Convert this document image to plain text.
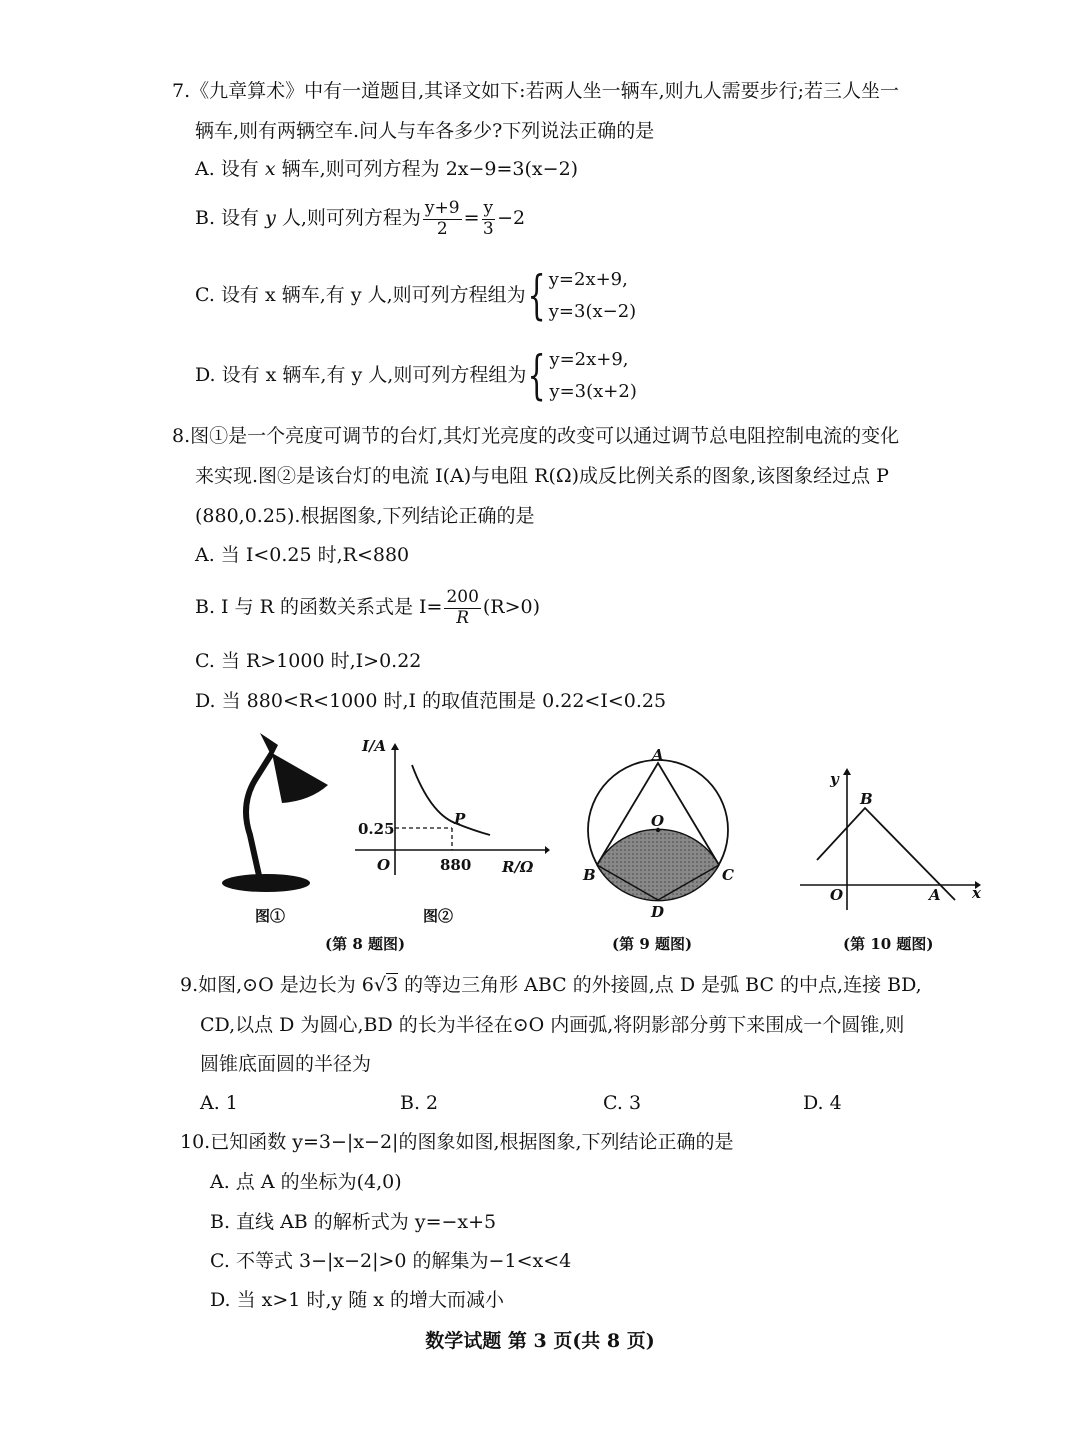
7.《九章算术》中有一道题目,其译文如下:若两人坐一辆车,则九人需要步行;若三人坐一
辆车,则有两辆空车.问人与车各多少?下列说法正确的是
A. 设有 x 辆车,则可列方程为 2x−9=3(x−2)
B. 设有 y 人,则可列方程为 $\frac{y+9}{2} = \frac{y}{3} -2$
C. 设有 x 辆车,有 y 人,则可列方程组为{ y=2x+9,
y=3(x−2)
D. 设有 x 辆车,有 y 人,则可列方程组为{ y=2x+9,
y=3(x+2)
8.图①是一个亮度可调节的台灯,其灯光亮度的改变可以通过调节总电阻控制电流的变化
来实现.图②是该台灯的电流 I(A)与电阻 R(Ω)成反比例关系的图象,该图象经过点 P
(880,0.25).根据图象,下列结论正确的是
A. 当 I<0.25 时,R<880
B. I 与 R 的函数关系式是 $I= \frac{200}{R} (R>0)$
C. 当 R>1000 时,I>0.22
D. 当 880<R<1000 时,I 的取值范围是 0.22<I<0.25
图①
I/A
R/Ω
0.25
880
O
P
图②
(第 8 题图)
A
B	C
D
O
(第 9 题图)
y
x
B
A
O
(第 10 题图)
9.如图,⊙O 是边长为 6√3 的等边三角形 ABC 的外接圆,点 D 是弧 BC 的中点,连接 BD,
CD,以点 D 为圆心,BD 的长为半径在⊙O 内画弧,将阴影部分剪下来围成一个圆锥,则
圆锥底面圆的半径为
A. 1	B. 2	C. 3	D. 4
10.已知函数 y=3−|x−2|的图象如图,根据图象,下列结论正确的是
A. 点 A 的坐标为(4,0)
B. 直线 AB 的解析式为 y=−x+5
C. 不等式 3−|x−2|>0 的解集为−1<x<4
D. 当 x>1 时,y 随 x 的增大而减小
数学试题 第 3 页(共 8 页)
